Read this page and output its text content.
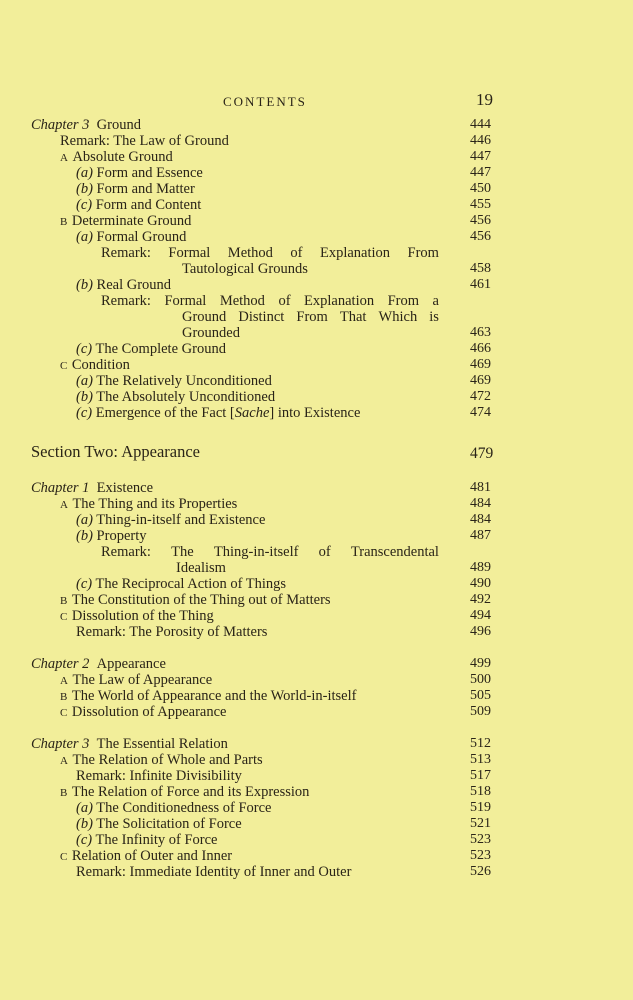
CONTENTS	19
Chapter 3 Ground	444
Remark: The Law of Ground	446
A Absolute Ground	447
(a) Form and Essence	447
(b) Form and Matter	450
(c) Form and Content	455
B Determinate Ground	456
(a) Formal Ground	456
Remark: Formal Method of Explanation From
Tautological Grounds	458
(b) Real Ground	461
Remark: Formal Method of Explanation From a
Ground Distinct From That Which is
Grounded	463
(c) The Complete Ground	466
C Condition	469
(a) The Relatively Unconditioned	469
(b) The Absolutely Unconditioned	472
(c) Emergence of the Fact [Sache] into Existence	474
Section Two: Appearance	479
Chapter 1 Existence	481
A The Thing and its Properties	484
(a) Thing-in-itself and Existence	484
(b) Property	487
Remark: The Thing-in-itself of Transcendental
Idealism	489
(c) The Reciprocal Action of Things	490
B The Constitution of the Thing out of Matters	492
C Dissolution of the Thing	494
Remark: The Porosity of Matters	496
Chapter 2 Appearance	499
A The Law of Appearance	500
B The World of Appearance and the World-in-itself	505
C Dissolution of Appearance	509
Chapter 3 The Essential Relation	512
A The Relation of Whole and Parts	513
Remark: Infinite Divisibility	517
B The Relation of Force and its Expression	518
(a) The Conditionedness of Force	519
(b) The Solicitation of Force	521
(c) The Infinity of Force	523
C Relation of Outer and Inner	523
Remark: Immediate Identity of Inner and Outer	526
